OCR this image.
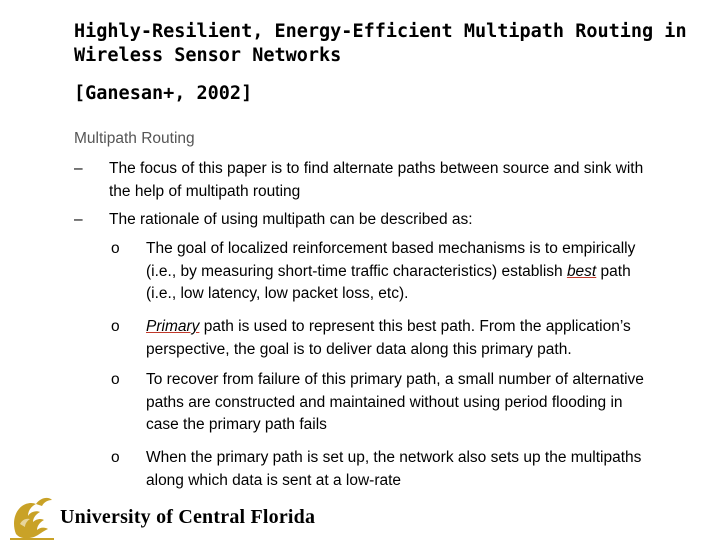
Highly-Resilient, Energy-Efficient Multipath Routing in
Wireless Sensor Networks
[Ganesan+, 2002]
Multipath Routing
– The focus of this paper is to find alternate paths between source and sink with
the help of multipath routing
– The rationale of using multipath can be described as:
o The goal of localized reinforcement based mechanisms is to empirically
(i.e., by measuring short-time traffic characteristics) establish best path
(i.e., low latency, low packet loss, etc).
o Primary path is used to represent this best path. From the application’s
perspective, the goal is to deliver data along this primary path.
o To recover from failure of this primary path, a small number of alternative
paths are constructed and maintained without using period flooding in
case the primary path fails
o When the primary path is set up, the network also sets up the multipaths
along which data is sent at a low-rate
University of Central Florida
